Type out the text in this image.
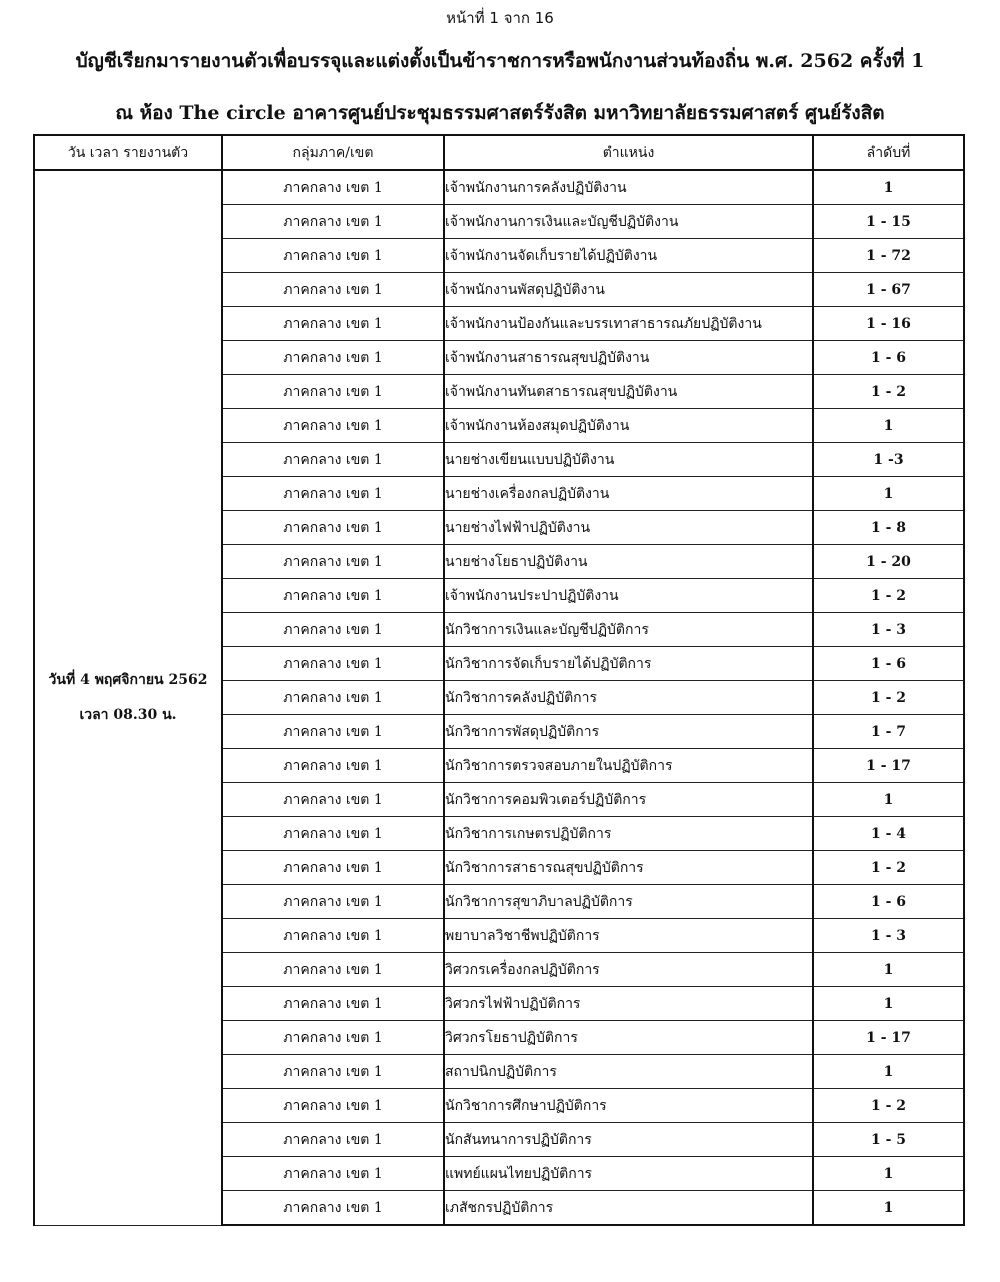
หน้าที่ 1 จาก 16
บัญชีเรียกมารายงานตัวเพื่อบรรจุและแต่งตั้งเป็นข้าราชการหรือพนักงานส่วนท้องถิ่น พ.ศ. 2562 ครั้งที่ 1
ณ ห้อง The circle อาคารศูนย์ประชุมธรรมศาสตร์รังสิต มหาวิทยาลัยธรรมศาสตร์ ศูนย์รังสิต
วัน เวลา รายงานตัว	กลุ่มภาค/เขต	ตำแหน่ง	ลำดับที่

วันที่ 4 พฤศจิกายน 2562
เวลา 08.30 น.	ภาคกลาง เขต 1	เจ้าพนักงานการคลังปฏิบัติงาน	1
	ภาคกลาง เขต 1	เจ้าพนักงานการเงินและบัญชีปฏิบัติงาน	1 - 15
	ภาคกลาง เขต 1	เจ้าพนักงานจัดเก็บรายได้ปฏิบัติงาน	1 - 72
	ภาคกลาง เขต 1	เจ้าพนักงานพัสดุปฏิบัติงาน	1 - 67
	ภาคกลาง เขต 1	เจ้าพนักงานป้องกันและบรรเทาสาธารณภัยปฏิบัติงาน	1 - 16
	ภาคกลาง เขต 1	เจ้าพนักงานสาธารณสุขปฏิบัติงาน	1 - 6
	ภาคกลาง เขต 1	เจ้าพนักงานทันตสาธารณสุขปฏิบัติงาน	1 - 2
	ภาคกลาง เขต 1	เจ้าพนักงานห้องสมุดปฏิบัติงาน	1
	ภาคกลาง เขต 1	นายช่างเขียนแบบปฏิบัติงาน	1 -3
	ภาคกลาง เขต 1	นายช่างเครื่องกลปฏิบัติงาน	1
	ภาคกลาง เขต 1	นายช่างไฟฟ้าปฏิบัติงาน	1 - 8
	ภาคกลาง เขต 1	นายช่างโยธาปฏิบัติงาน	1 - 20
	ภาคกลาง เขต 1	เจ้าพนักงานประปาปฏิบัติงาน	1 - 2
	ภาคกลาง เขต 1	นักวิชาการเงินและบัญชีปฏิบัติการ	1 - 3
	ภาคกลาง เขต 1	นักวิชาการจัดเก็บรายได้ปฏิบัติการ	1 - 6
	ภาคกลาง เขต 1	นักวิชาการคลังปฏิบัติการ	1 - 2
	ภาคกลาง เขต 1	นักวิชาการพัสดุปฏิบัติการ	1 - 7
	ภาคกลาง เขต 1	นักวิชาการตรวจสอบภายในปฏิบัติการ	1 - 17
	ภาคกลาง เขต 1	นักวิชาการคอมพิวเตอร์ปฏิบัติการ	1
	ภาคกลาง เขต 1	นักวิชาการเกษตรปฏิบัติการ	1 - 4
	ภาคกลาง เขต 1	นักวิชาการสาธารณสุขปฏิบัติการ	1 - 2
	ภาคกลาง เขต 1	นักวิชาการสุขาภิบาลปฏิบัติการ	1 - 6
	ภาคกลาง เขต 1	พยาบาลวิชาชีพปฏิบัติการ	1 - 3
	ภาคกลาง เขต 1	วิศวกรเครื่องกลปฏิบัติการ	1
	ภาคกลาง เขต 1	วิศวกรไฟฟ้าปฏิบัติการ	1
	ภาคกลาง เขต 1	วิศวกรโยธาปฏิบัติการ	1 - 17
	ภาคกลาง เขต 1	สถาปนิกปฏิบัติการ	1
	ภาคกลาง เขต 1	นักวิชาการศึกษาปฏิบัติการ	1 - 2
	ภาคกลาง เขต 1	นักสันทนาการปฏิบัติการ	1 - 5
	ภาคกลาง เขต 1	แพทย์แผนไทยปฏิบัติการ	1
	ภาคกลาง เขต 1	เภสัชกรปฏิบัติการ	1
